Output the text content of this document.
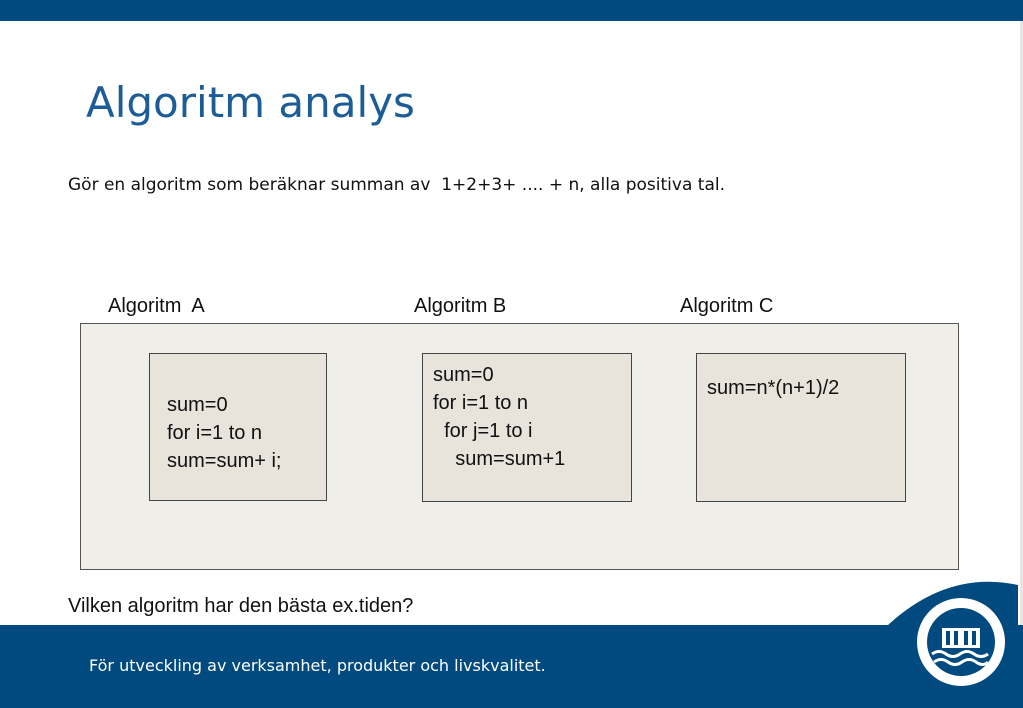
Algoritm analys
Gör en algoritm som beräknar summan av  1+2+3+ .... + n, alla positiva tal.
Algoritm  A	Algoritm B	Algoritm C
sum=0
for i=1 to n
sum=sum+ i;
sum=0
for i=1 to n
for j=1 to i
sum=sum+1
sum=n*(n+1)/2
Vilken algoritm har den bästa ex.tiden?
För utveckling av verksamhet, produkter och livskvalitet.
